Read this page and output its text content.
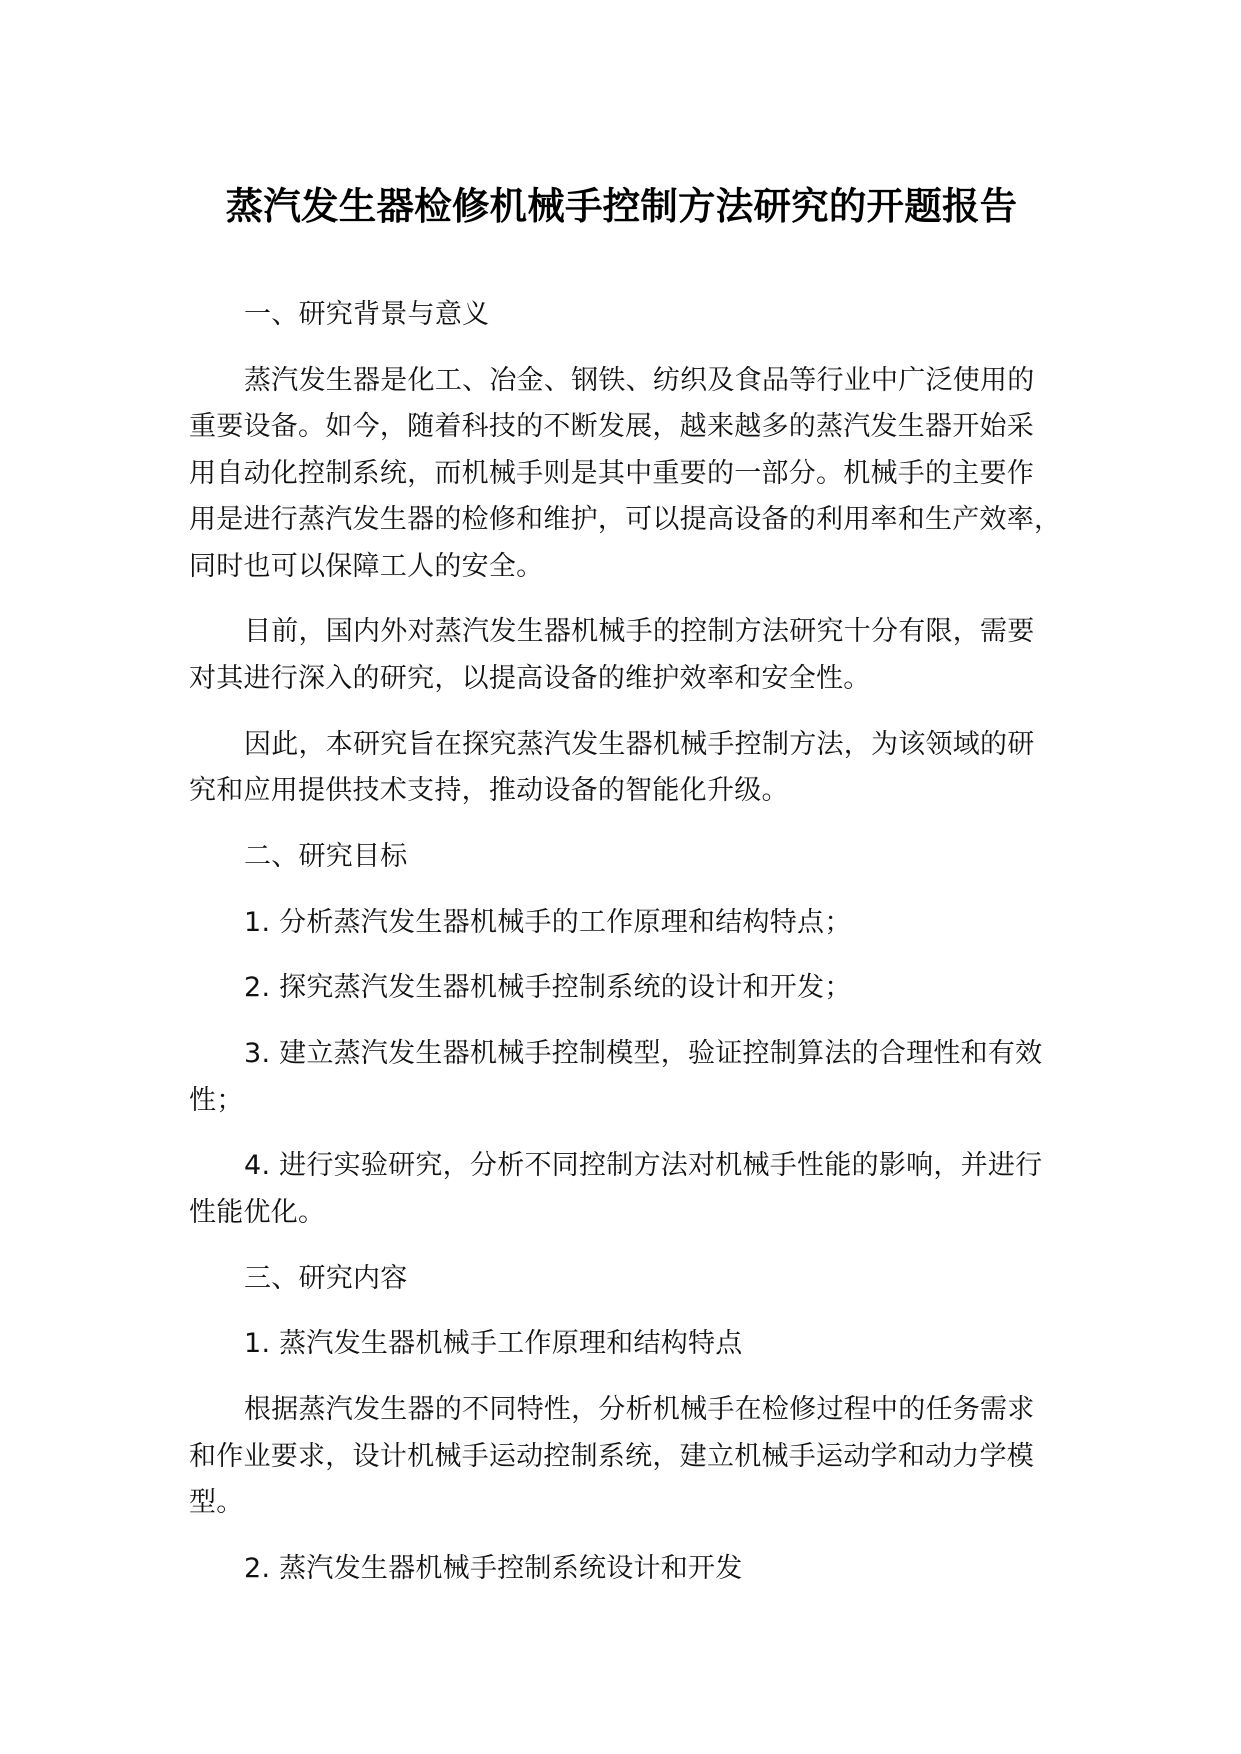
蒸汽发生器检修机械手控制方法研究的开题报告
一、研究背景与意义
蒸汽发生器是化工、冶金、钢铁、纺织及食品等行业中广泛使用的
重要设备。如今，随着科技的不断发展，越来越多的蒸汽发生器开始采
用自动化控制系统，而机械手则是其中重要的一部分。机械手的主要作
用是进行蒸汽发生器的检修和维护，可以提高设备的利用率和生产效率，
同时也可以保障工人的安全。
目前，国内外对蒸汽发生器机械手的控制方法研究十分有限，需要
对其进行深入的研究，以提高设备的维护效率和安全性。
因此，本研究旨在探究蒸汽发生器机械手控制方法，为该领域的研
究和应用提供技术支持，推动设备的智能化升级。
二、研究目标
1. 分析蒸汽发生器机械手的工作原理和结构特点；
2. 探究蒸汽发生器机械手控制系统的设计和开发；
3. 建立蒸汽发生器机械手控制模型，验证控制算法的合理性和有效
性；
4. 进行实验研究，分析不同控制方法对机械手性能的影响，并进行
性能优化。
三、研究内容
1. 蒸汽发生器机械手工作原理和结构特点
根据蒸汽发生器的不同特性，分析机械手在检修过程中的任务需求
和作业要求，设计机械手运动控制系统，建立机械手运动学和动力学模
型。
2. 蒸汽发生器机械手控制系统设计和开发
